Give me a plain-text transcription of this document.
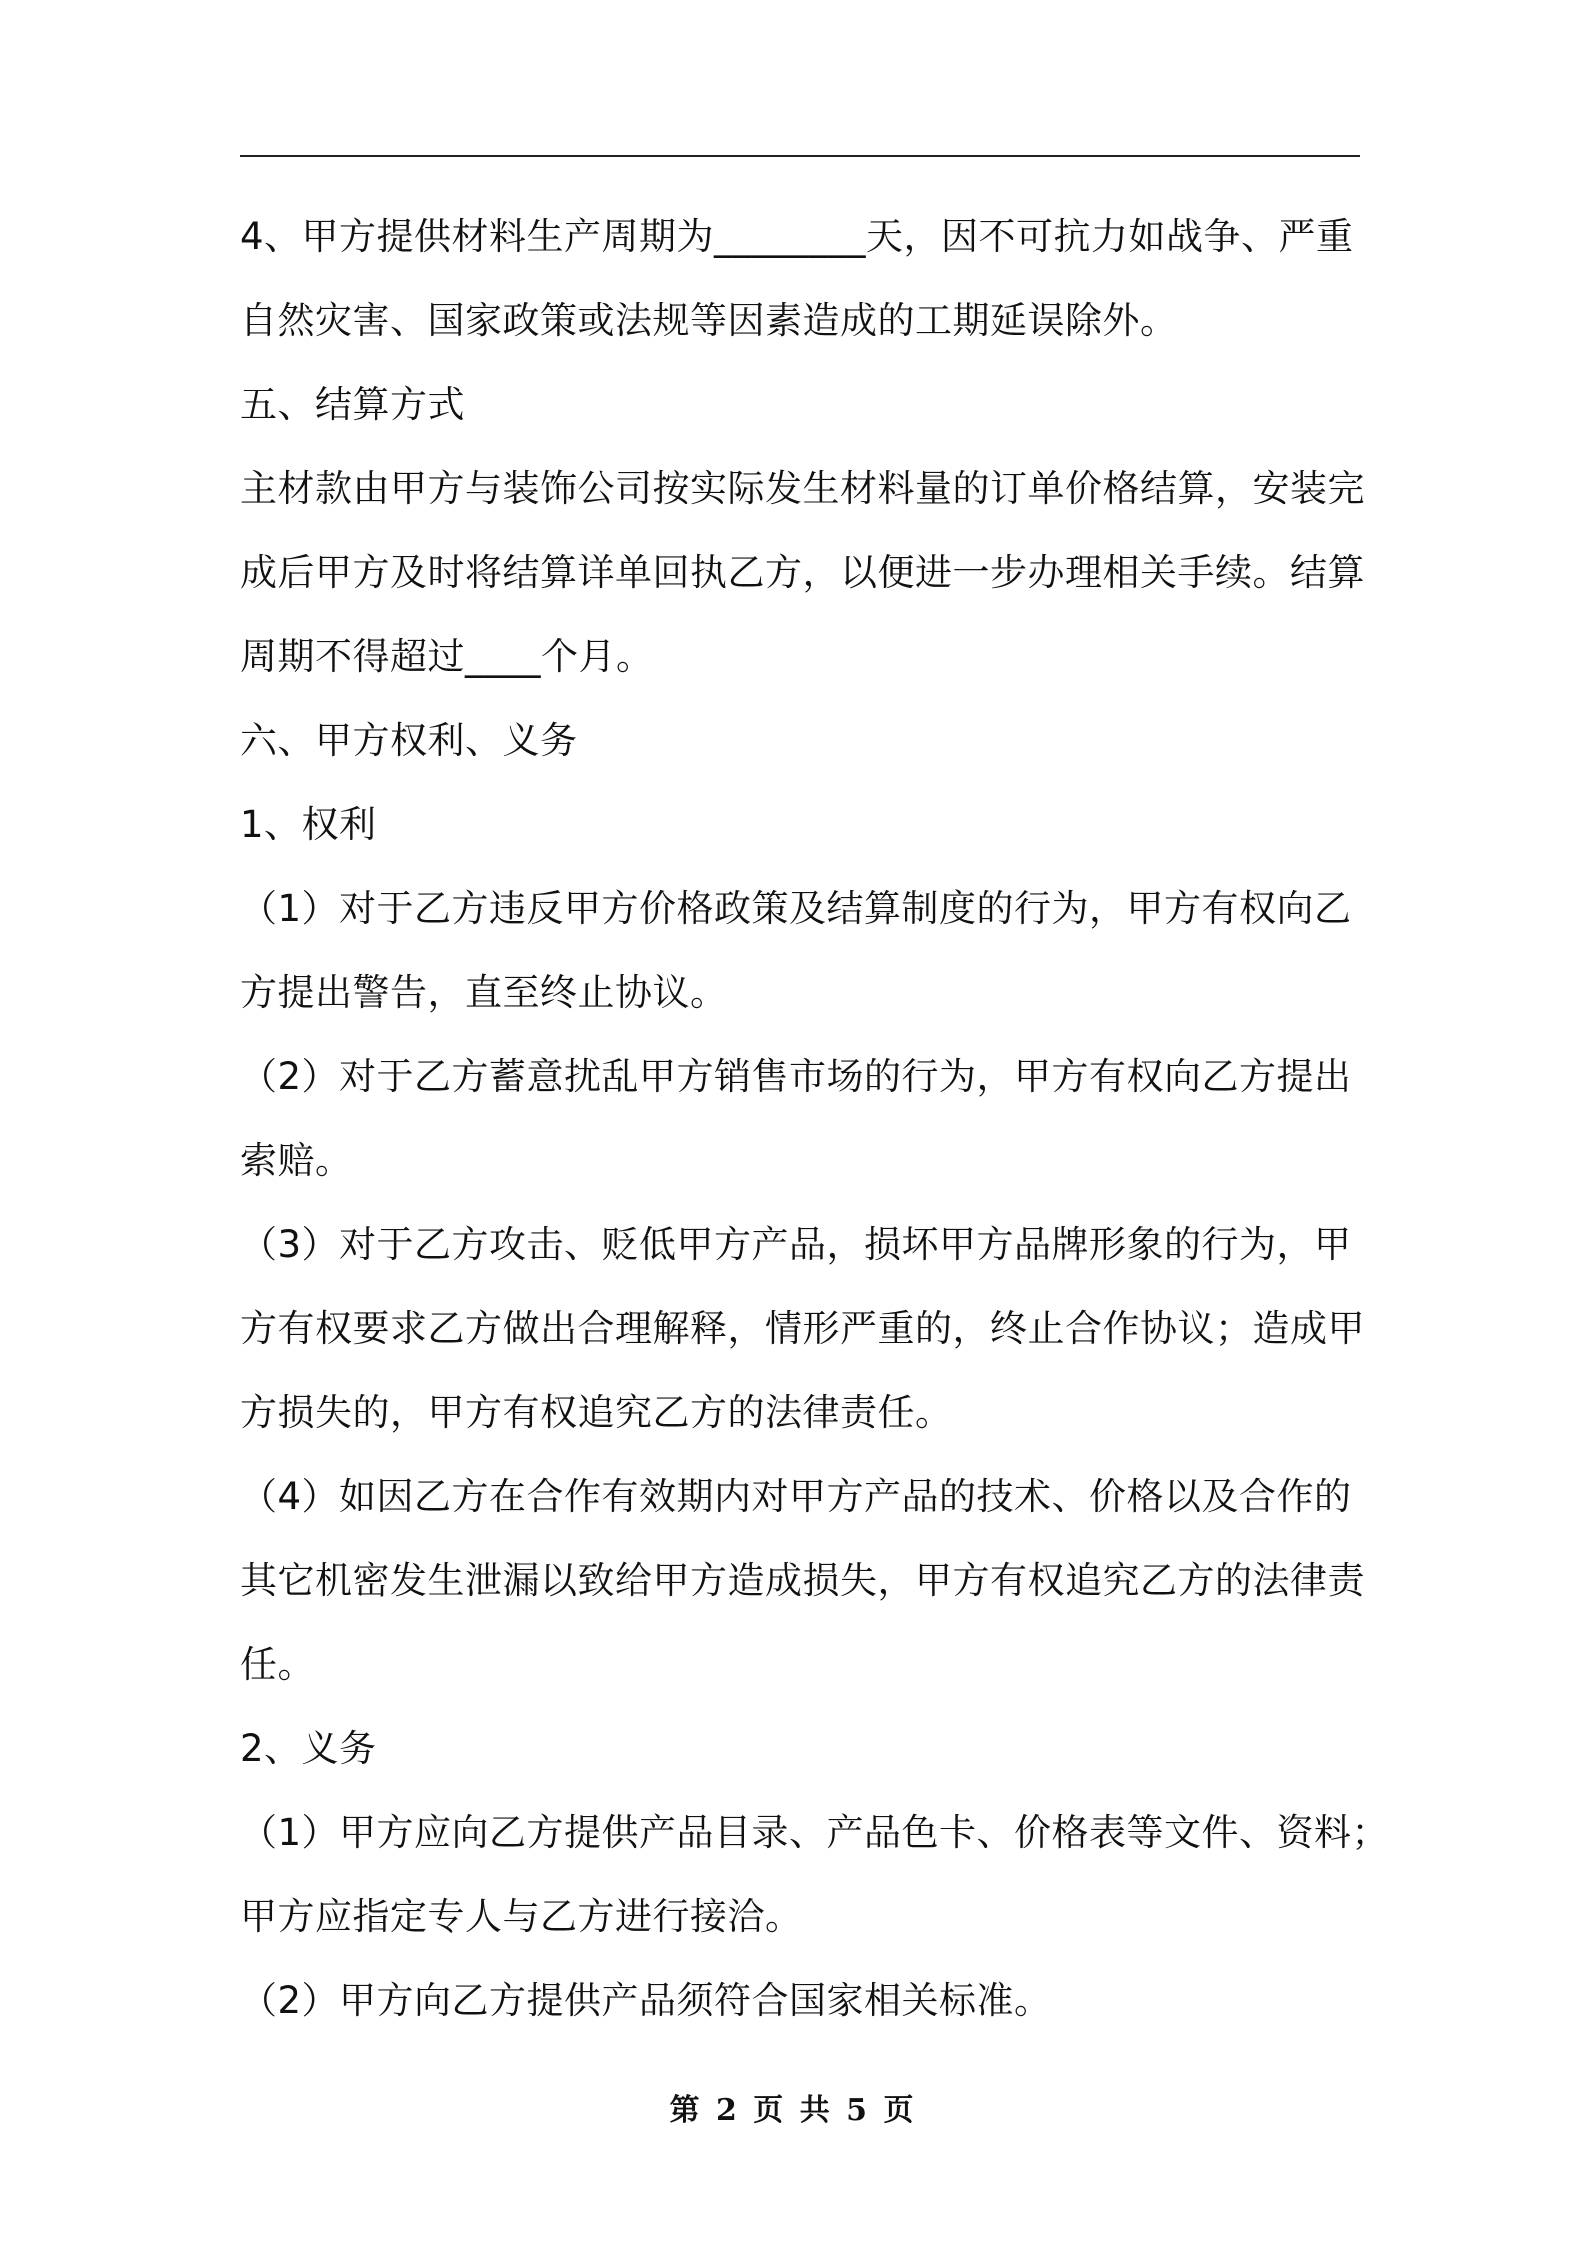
4、甲方提供材料生产周期为________天，因不可抗力如战争、严重
自然灾害、国家政策或法规等因素造成的工期延误除外。
五、结算方式
主材款由甲方与装饰公司按实际发生材料量的订单价格结算，安装完
成后甲方及时将结算详单回执乙方，以便进一步办理相关手续。结算
周期不得超过____个月。
六、甲方权利、义务
1、权利
（1）对于乙方违反甲方价格政策及结算制度的行为，甲方有权向乙
方提出警告，直至终止协议。
（2）对于乙方蓄意扰乱甲方销售市场的行为，甲方有权向乙方提出
索赔。
（3）对于乙方攻击、贬低甲方产品，损坏甲方品牌形象的行为，甲
方有权要求乙方做出合理解释，情形严重的，终止合作协议；造成甲
方损失的，甲方有权追究乙方的法律责任。
（4）如因乙方在合作有效期内对甲方产品的技术、价格以及合作的
其它机密发生泄漏以致给甲方造成损失，甲方有权追究乙方的法律责
任。
2、义务
（1）甲方应向乙方提供产品目录、产品色卡、价格表等文件、资料；
甲方应指定专人与乙方进行接洽。
（2）甲方向乙方提供产品须符合国家相关标准。
第 2 页 共 5 页
